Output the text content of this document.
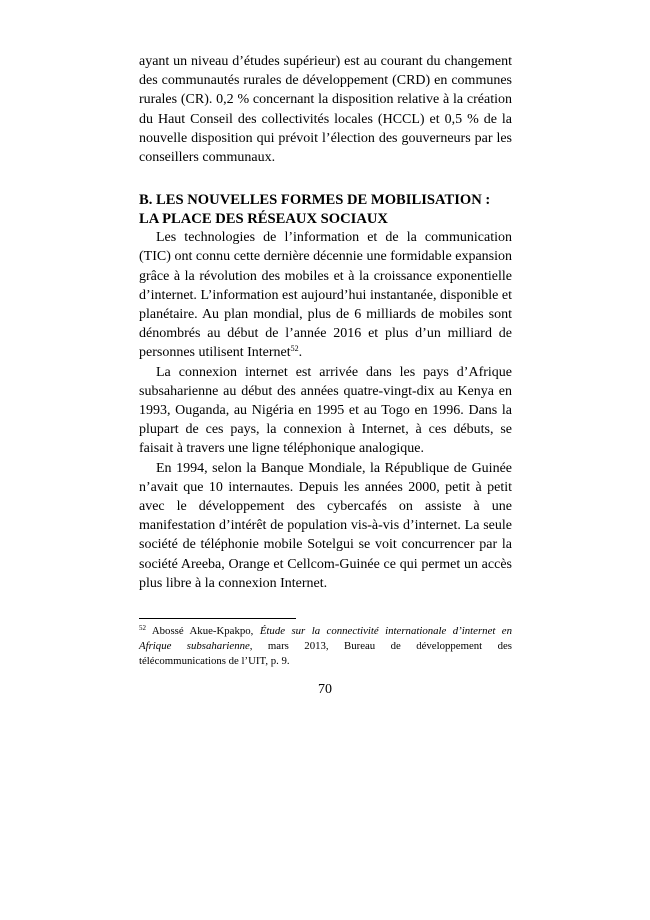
ayant un niveau d’études supérieur) est au courant du changement des communautés rurales de développement (CRD) en communes rurales (CR). 0,2 % concernant la disposition relative à la création du Haut Conseil des collectivités locales (HCCL) et 0,5 % de la nouvelle disposition qui prévoit l’élection des gouverneurs par les conseillers communaux.

B. LES NOUVELLES FORMES DE MOBILISATION : LA PLACE DES RÉSEAUX SOCIAUX

Les technologies de l’information et de la communication (TIC) ont connu cette dernière décennie une formidable expansion grâce à la révolution des mobiles et à la croissance exponentielle d’internet. L’information est aujourd’hui instantanée, disponible et planétaire. Au plan mondial, plus de 6 milliards de mobiles sont dénombrés au début de l’année 2016 et plus d’un milliard de personnes utilisent Internet$^{52}$.

La connexion internet est arrivée dans les pays d’Afrique subsaharienne au début des années quatre-vingt-dix au Kenya en 1993, Ouganda, au Nigéria en 1995 et au Togo en 1996. Dans la plupart de ces pays, la connexion à Internet, à ces débuts, se faisait à travers une ligne téléphonique analogique.

En 1994, selon la Banque Mondiale, la République de Guinée n’avait que 10 internautes. Depuis les années 2000, petit à petit avec le développement des cybercafés on assiste à une manifestation d’intérêt de population vis-à-vis d’internet. La seule société de téléphonie mobile Sotelgui se voit concurrencer par la société Areeba, Orange et Cellcom-Guinée ce qui permet un accès plus libre à la connexion Internet.

$^{52}$ Abossé Akue-Kpakpo, Étude sur la connectivité internationale d’internet en Afrique subsaharienne, mars 2013, Bureau de développement des télécommunications de l’UIT, p. 9.

70
